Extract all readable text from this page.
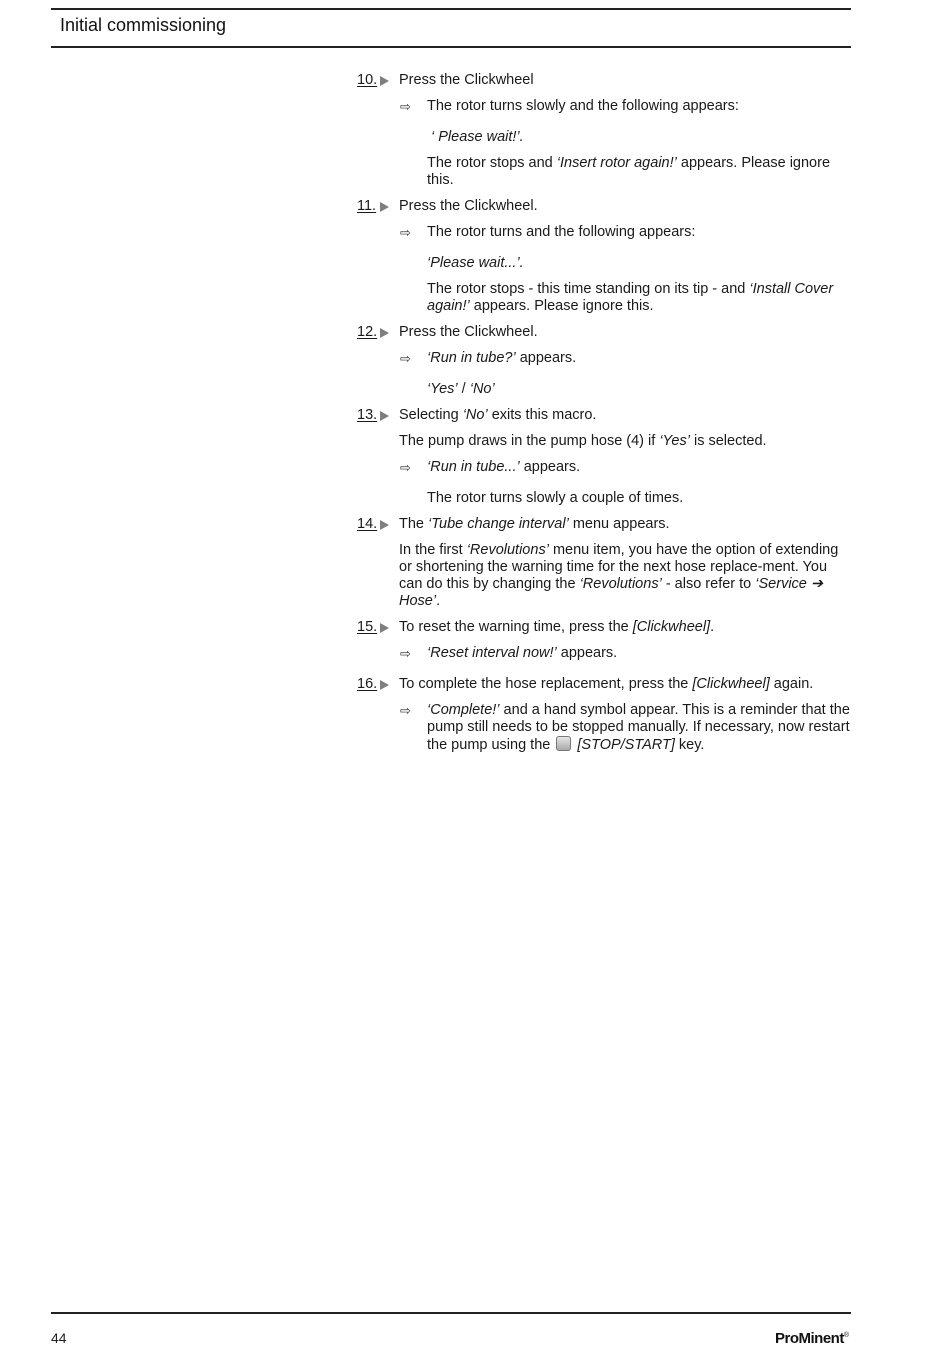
Initial commissioning
10. Press the Clickwheel
⇨ The rotor turns slowly and the following appears:
‘ Please wait!’.
The rotor stops and ‘Insert rotor again!’ appears. Please ignore this.
11. Press the Clickwheel.
⇨ The rotor turns and the following appears:
‘Please wait...’.
The rotor stops - this time standing on its tip - and ‘Install Cover again!’ appears. Please ignore this.
12. Press the Clickwheel.
⇨ ‘Run in tube?’ appears.
‘Yes’ / ‘No’
13. Selecting ‘No’ exits this macro.
The pump draws in the pump hose (4) if ‘Yes’ is selected.
⇨ ‘Run in tube...’ appears.
The rotor turns slowly a couple of times.
14. The ‘Tube change interval’ menu appears.
In the first ‘Revolutions’ menu item, you have the option of extending or shortening the warning time for the next hose replace-ment. You can do this by changing the ‘Revolutions’ - also refer to ‘Service ➔ Hose’.
15. To reset the warning time, press the [Clickwheel].
⇨ ‘Reset interval now!’ appears.
16. To complete the hose replacement, press the [Clickwheel] again.
⇨ ‘Complete!’ and a hand symbol appear. This is a reminder that the pump still needs to be stopped manually. If necessary, now restart the pump using the  [STOP/START] key.
44	ProMinent®
